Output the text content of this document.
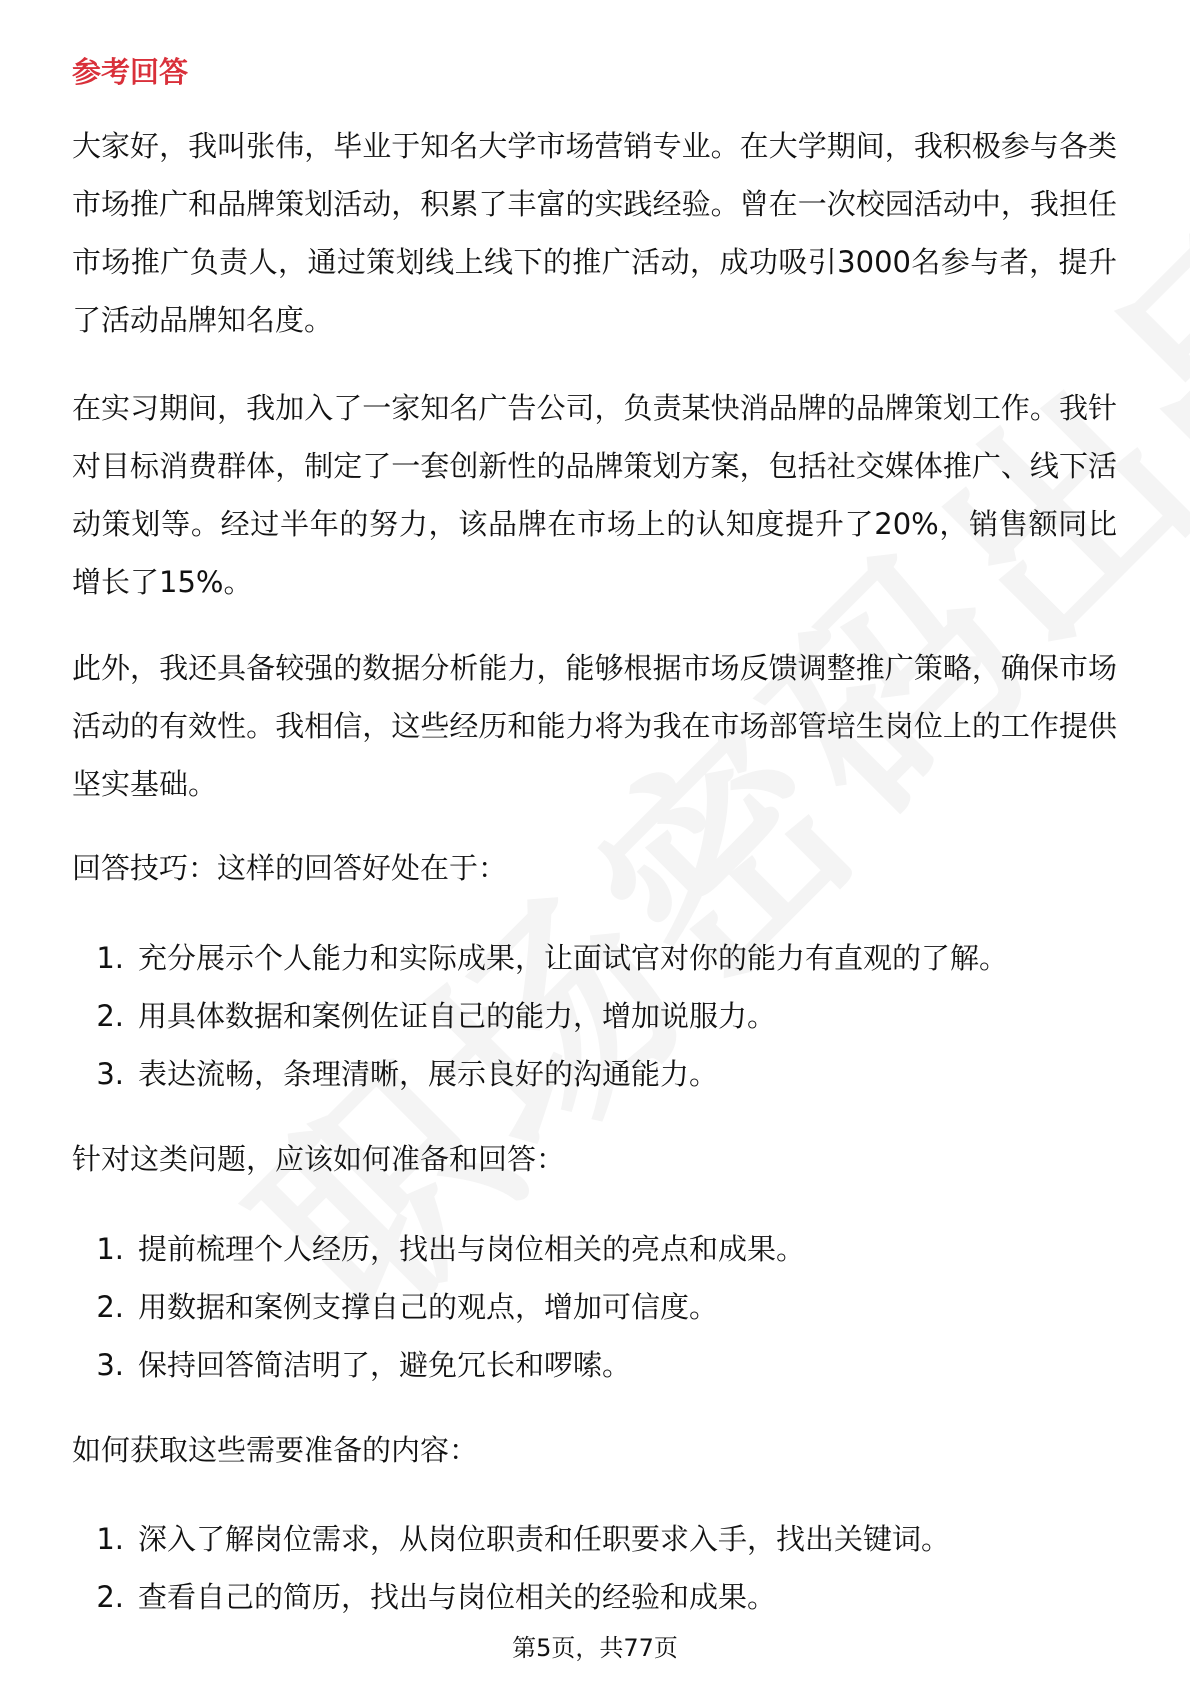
参考回答

大家好，我叫张伟，毕业于知名大学市场营销专业。在大学期间，我积极参与各类市场推广和品牌策划活动，积累了丰富的实践经验。曾在一次校园活动中，我担任市场推广负责人，通过策划线上线下的推广活动，成功吸引3000名参与者，提升了活动品牌知名度。

在实习期间，我加入了一家知名广告公司，负责某快消品牌的品牌策划工作。我针对目标消费群体，制定了一套创新性的品牌策划方案，包括社交媒体推广、线下活动策划等。经过半年的努力，该品牌在市场上的认知度提升了20%，销售额同比增长了15%。

此外，我还具备较强的数据分析能力，能够根据市场反馈调整推广策略，确保市场活动的有效性。我相信，这些经历和能力将为我在市场部管培生岗位上的工作提供坚实基础。

回答技巧：这样的回答好处在于：

1. 充分展示个人能力和实际成果，让面试官对你的能力有直观的了解。
2. 用具体数据和案例佐证自己的能力，增加说服力。
3. 表达流畅，条理清晰，展示良好的沟通能力。

针对这类问题，应该如何准备和回答：

1. 提前梳理个人经历，找出与岗位相关的亮点和成果。
2. 用数据和案例支撑自己的观点，增加可信度。
3. 保持回答简洁明了，避免冗长和啰嗦。

如何获取这些需要准备的内容：

1. 深入了解岗位需求，从岗位职责和任职要求入手，找出关键词。
2. 查看自己的简历，找出与岗位相关的经验和成果。
第5页，共77页
